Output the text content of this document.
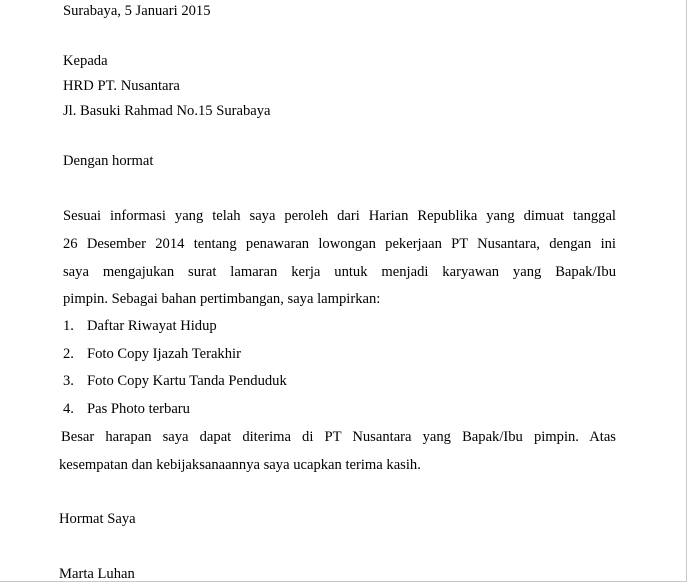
Surabaya, 5 Januari 2015
Kepada
HRD PT. Nusantara
Jl. Basuki Rahmad No.15 Surabaya
Dengan hormat
Sesuai informasi yang telah saya peroleh dari Harian Republika yang dimuat tanggal
26 Desember 2014 tentang penawaran lowongan pekerjaan PT Nusantara, dengan ini
saya mengajukan surat lamaran kerja untuk menjadi karyawan yang Bapak/Ibu
pimpin. Sebagai bahan pertimbangan, saya lampirkan:
1. Daftar Riwayat Hidup
2. Foto Copy Ijazah Terakhir
3. Foto Copy Kartu Tanda Penduduk
4. Pas Photo terbaru
Besar harapan saya dapat diterima di PT Nusantara yang Bapak/Ibu pimpin. Atas
kesempatan dan kebijaksanaannya saya ucapkan terima kasih.
Hormat Saya
Marta Luhan
